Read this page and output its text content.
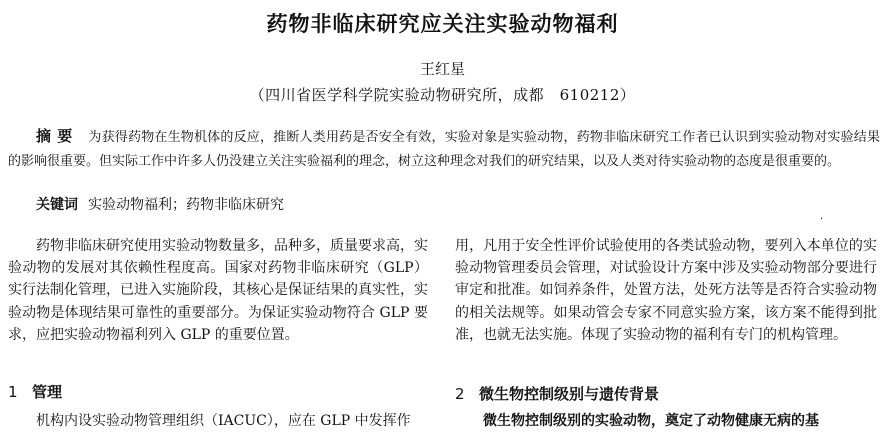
药物非临床研究应关注实验动物福利
王红星
（四川省医学科学院实验动物研究所，成都　610212）
摘要 为获得药物在生物机体的反应，推断人类用药是否安全有效，实验对象是实验动物，药物非临床研究工作者已认识到实验动物对实验结果的影响很重要。但实际工作中许多人仍没建立关注实验福利的理念，树立这种理念对我们的研究结果，以及人类对待实验动物的态度是很重要的。
关键词 实验动物福利；药物非临床研究
·

药物非临床研究使用实验动物数量多，品种多，质量要求高，实验动物的发展对其依赖性程度高。国家对药物非临床研究（GLP）实行法制化管理，已进入实施阶段，其核心是保证结果的真实性，实验动物是体现结果可靠性的重要部分。为保证实验动物符合 GLP 要求，应把实验动物福利列入 GLP 的重要位置。

1 管理
机构内设实验动物管理组织（IACUC），应在 GLP 中发挥作

用，凡用于安全性评价试验使用的各类试验动物，要列入本单位的实验动物管理委员会管理，对试验设计方案中涉及实验动物部分要进行审定和批准。如饲养条件，处置方法，处死方法等是否符合实验动物的相关法规等。如果动管会专家不同意实验方案，该方案不能得到批准，也就无法实施。体现了实验动物的福利有专门的机构管理。

2 微生物控制级别与遗传背景
微生物控制级别的实验动物，奠定了动物健康无病的基
